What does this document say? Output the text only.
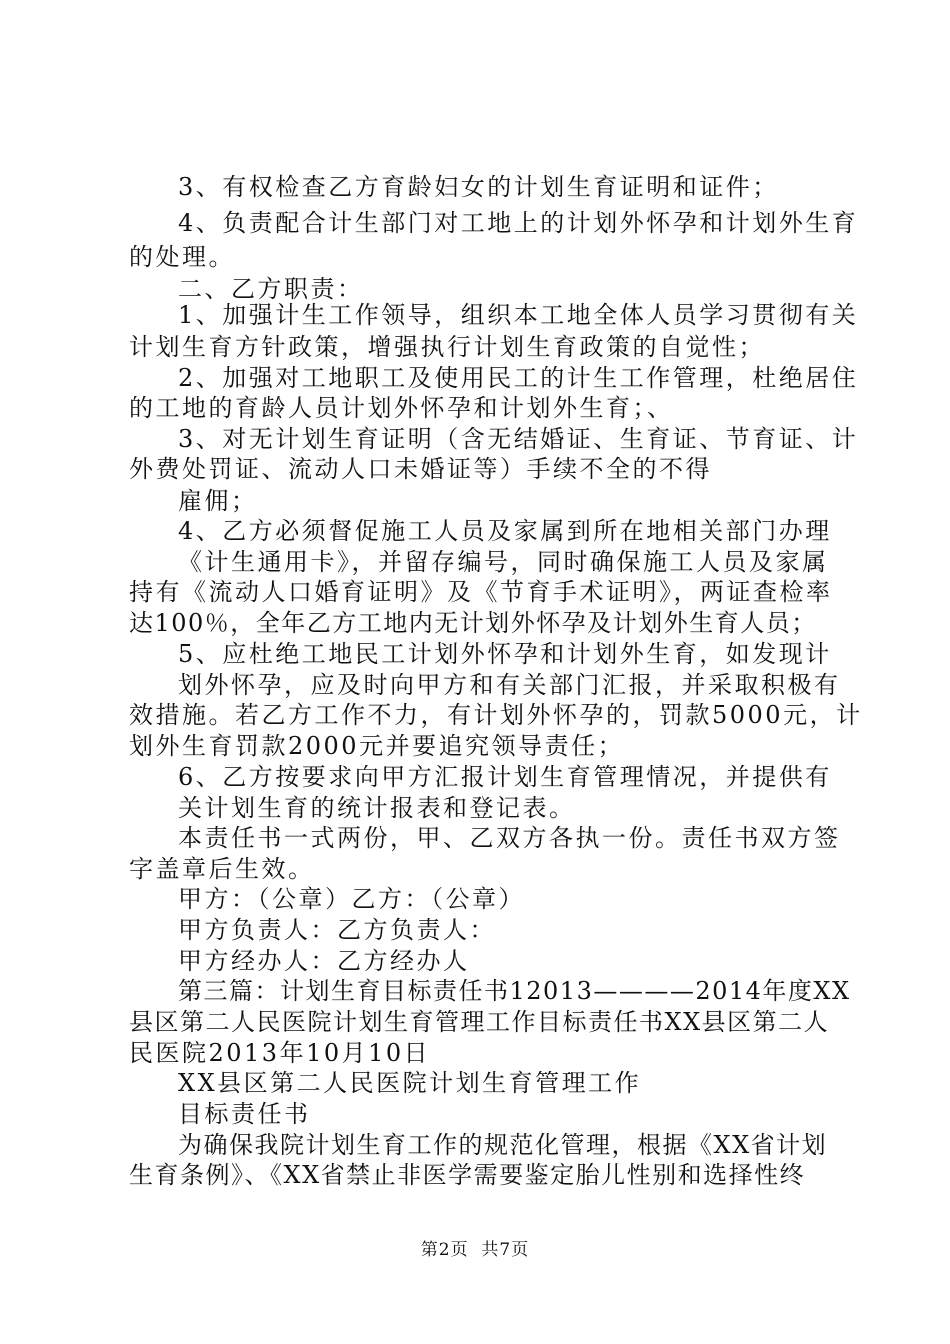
3、有权检查乙方育龄妇女的计划生育证明和证件；
4、负责配合计生部门对工地上的计划外怀孕和计划外生育
的处理。
二、乙方职责：
1、加强计生工作领导，组织本工地全体人员学习贯彻有关
计划生育方针政策，增强执行计划生育政策的自觉性；
2、加强对工地职工及使用民工的计生工作管理，杜绝居住
的工地的育龄人员计划外怀孕和计划外生育；、
3、对无计划生育证明（含无结婚证、生育证、节育证、计
外费处罚证、流动人口未婚证等）手续不全的不得
雇佣；
4、乙方必须督促施工人员及家属到所在地相关部门办理
《计生通用卡》，并留存编号，同时确保施工人员及家属
持有《流动人口婚育证明》及《节育手术证明》，两证查检率
达100％，全年乙方工地内无计划外怀孕及计划外生育人员；
5、应杜绝工地民工计划外怀孕和计划外生育，如发现计
划外怀孕，应及时向甲方和有关部门汇报，并采取积极有
效措施。若乙方工作不力，有计划外怀孕的，罚款5000元，计
划外生育罚款2000元并要追究领导责任；
6、乙方按要求向甲方汇报计划生育管理情况，并提供有
关计划生育的统计报表和登记表。
本责任书一式两份，甲、乙双方各执一份。责任书双方签
字盖章后生效。
甲方：（公章）乙方：（公章）
甲方负责人：乙方负责人：
甲方经办人：乙方经办人
第三篇：计划生育目标责任书12013————2014年度XX
县区第二人民医院计划生育管理工作目标责任书XX县区第二人
民医院2013年10月10日
XX县区第二人民医院计划生育管理工作
目标责任书
为确保我院计划生育工作的规范化管理，根据《XX省计划
生育条例》、《XX省禁止非医学需要鉴定胎儿性别和选择性终
第2页  共7页
